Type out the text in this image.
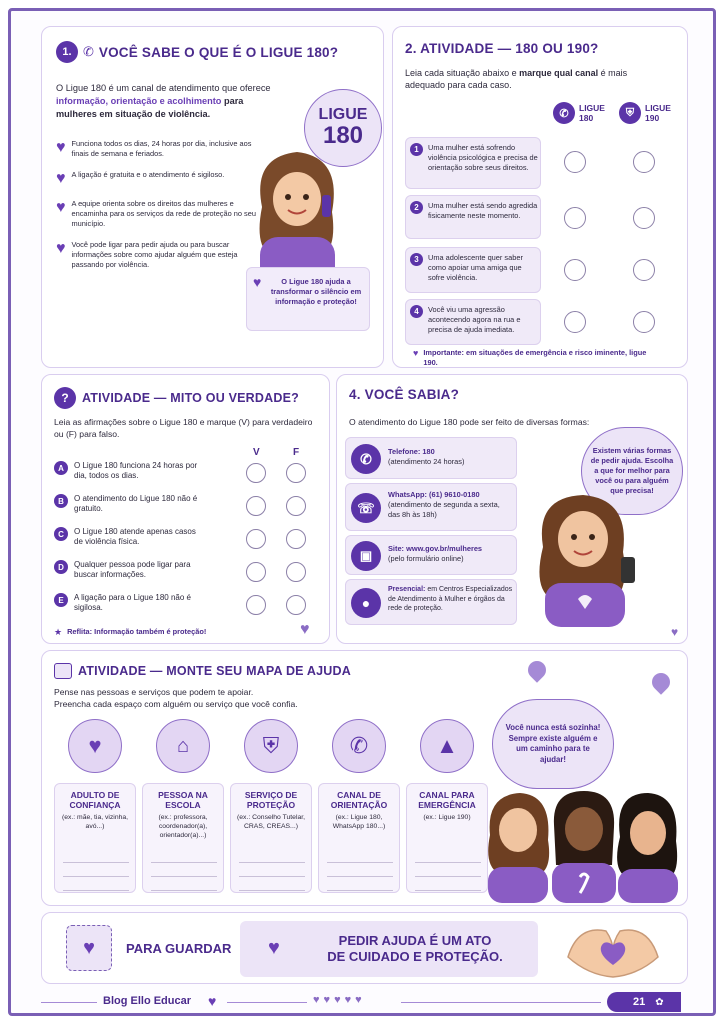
1. ✆ VOCÊ SABE O QUE É O LIGUE 180?
O Ligue 180 é um canal de atendimento que oferece informação, orientação e acolhimento para mulheres em situação de violência.
♥ Funciona todos os dias, 24 horas por dia, inclusive aos finais de semana e feriados.
♥ A ligação é gratuita e o atendimento é sigiloso.
♥ A equipe orienta sobre os direitos das mulheres e encaminha para os serviços da rede de proteção no seu município.
♥ Você pode ligar para pedir ajuda ou para buscar informações sobre como ajudar alguém que esteja passando por violência.
LIGUE
180
♥	O Ligue 180 ajuda a transformar o silêncio em informação e proteção!
2. ATIVIDADE — 180 OU 190?
Leia cada situação abaixo e marque qual canal é mais adequado para cada caso.
✆	LIGUE 180	⛨	LIGUE 190
1	Uma mulher está sofrendo violência psicológica e precisa de orientação sobre seus direitos.
2	Uma mulher está sendo agredida fisicamente neste momento.
3	Uma adolescente quer saber como apoiar uma amiga que sofre violência.
4	Você viu uma agressão acontecendo agora na rua e precisa de ajuda imediata.
♥ Importante: em situações de emergência e risco iminente, ligue 190.
?	ATIVIDADE — MITO OU VERDADE?
Leia as afirmações sobre o Ligue 180 e marque (V) para verdadeiro ou (F) para falso.
V	F
A	O Ligue 180 funciona 24 horas por dia, todos os dias.
B	O atendimento do Ligue 180 não é gratuito.
C	O Ligue 180 atende apenas casos de violência física.
D	Qualquer pessoa pode ligar para buscar informações.
E	A ligação para o Ligue 180 não é sigilosa.
★ Reflita: Informação também é proteção!	♥
4. VOCÊ SABIA?
O atendimento do Ligue 180 pode ser feito de diversas formas:
✆	Telefone: 180
(atendimento 24 horas)
☏
WhatsApp: (61) 9610-0180
(atendimento de segunda a sexta, das 8h às 18h)
▣	Site: www.gov.br/mulheres
(pelo formulário online)
●
Presencial: em Centros Especializados de Atendimento à Mulher e órgãos da rede de proteção.
Existem várias formas de pedir ajuda. Escolha a que for melhor para você ou para alguém que precisa!
♥
ATIVIDADE — MONTE SEU MAPA DE AJUDA
Pense nas pessoas e serviços que podem te apoiar.
Preencha cada espaço com alguém ou serviço que você confia.
♥
ADULTO DE CONFIANÇA
(ex.: mãe, tia, vizinha, avó...)
⌂
PESSOA NA ESCOLA
(ex.: professora, coordenador(a), orientador(a)...)
⛨
SERVIÇO DE PROTEÇÃO
(ex.: Conselho Tutelar, CRAS, CREAS...)
✆
CANAL DE ORIENTAÇÃO
(ex.: Ligue 180, WhatsApp 180...)
▲
CANAL PARA EMERGÊNCIA
(ex.: Ligue 190)
Você nunca está sozinha! Sempre existe alguém e um caminho para te ajudar!
♥ PARA GUARDAR ♥	PEDIR AJUDA É UM ATO
DE CUIDADO E PROTEÇÃO.
Blog Ello Educar ♥	♥♥♥♥♥	21 ✿
